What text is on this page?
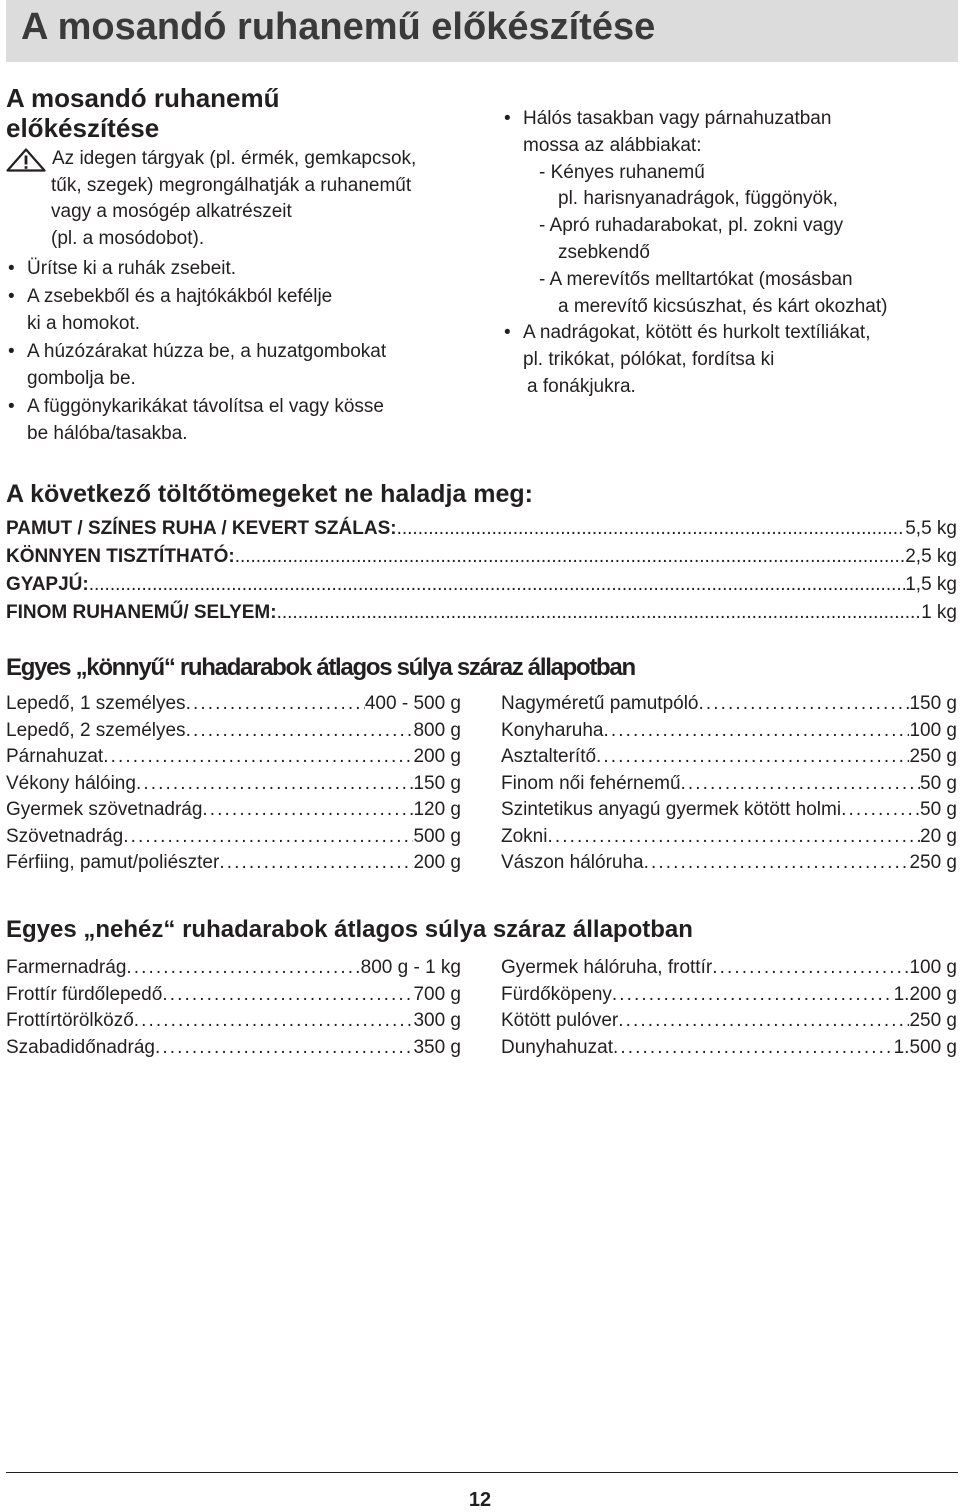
A mosandó ruhanemű előkészítése
A mosandó ruhanemű előkészítése
Az idegen tárgyak (pl. érmék, gemkapcsok,
tűk, szegek) megrongálhatják a ruhaneműt
vagy a mosógép alkatrészeit
(pl. a mosódobot).
• Ürítse ki a ruhák zsebeit.
• A zsebekből és a hajtókákból kefélje
ki a homokot.
• A húzózárakat húzza be, a huzatgombokat
gombolja be.
• A függönykarikákat távolítsa el vagy kösse
be hálóba/tasakba.
• Hálós tasakban vagy párnahuzatban
mossa az alábbiakat:
- Kényes ruhanemű
pl. harisnyanadrágok, függönyök,
- Apró ruhadarabokat, pl. zokni vagy
zsebkendő
- A merevítős melltartókat (mosásban
a merevítő kicsúszhat, és kárt okozhat)
• A nadrágokat, kötött és hurkolt textíliákat,
pl. trikókat, pólókat, fordítsa ki
a fonákjukra.
A következő töltőtömegeket ne haladja meg:
PAMUT / SZÍNES RUHA / KEVERT SZÁLAS: .....	5,5 kg
KÖNNYEN TISZTÍTHATÓ: .....	2,5 kg
GYAPJÚ: .....	1,5 kg
FINOM RUHANEMŰ/ SELYEM: .....	1 kg
Egyes „könnyű“ ruhadarabok átlagos súlya száraz állapotban
Lepedő, 1 személyes .....	400 - 500 g
Lepedő, 2 személyes .....	800 g
Párnahuzat .....	200 g
Vékony hálóing .....	150 g
Gyermek szövetnadrág .....	120 g
Szövetnadrág .....	500 g
Férfiing, pamut/poliészter .....	200 g
Nagyméretű pamutpóló .....	150 g
Konyharuha .....	100 g
Asztalterítő .....	250 g
Finom női fehérnemű .....	50 g
Szintetikus anyagú gyermek kötött holmi .....	50 g
Zokni .....	20 g
Vászon hálóruha .....	250 g
Egyes „nehéz“ ruhadarabok átlagos súlya száraz állapotban
Farmernadrág .....	800 g - 1 kg
Frottír fürdőlepedő .....	700 g
Frottírtörölköző .....	300 g
Szabadidőnadrág .....	350 g
Gyermek hálóruha, frottír .....	100 g
Fürdőköpeny .....	1.200 g
Kötött pulóver .....	250 g
Dunyhahuzat .....	1.500 g
12
